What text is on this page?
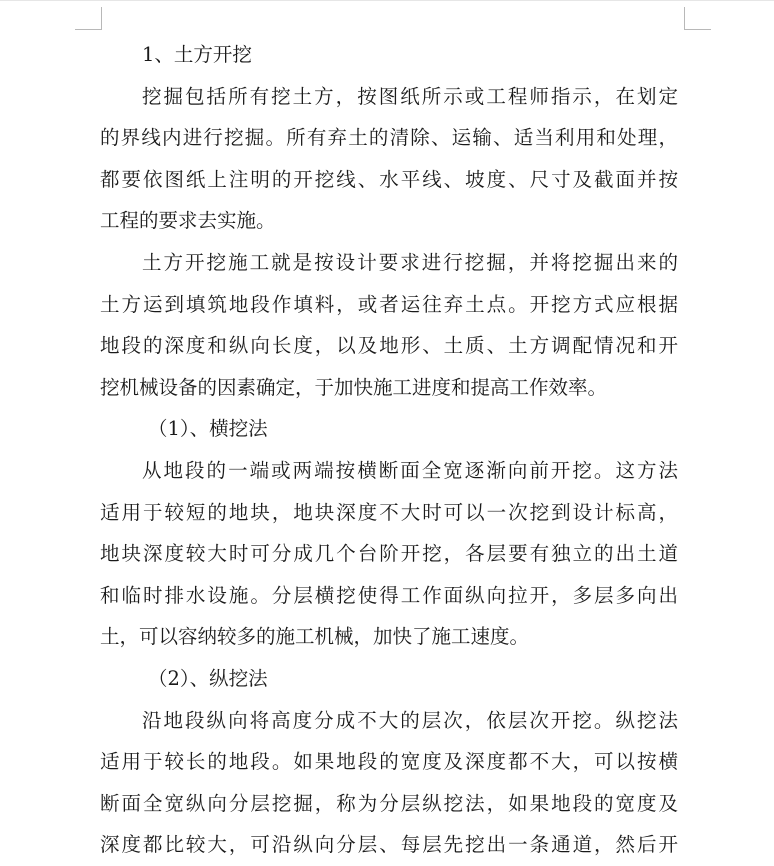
1、土方开挖
挖掘包括所有挖土方，按图纸所示或工程师指示，在划定
的界线内进行挖掘。所有弃土的清除、运输、适当利用和处理，
都要依图纸上注明的开挖线、水平线、坡度、尺寸及截面并按
工程的要求去实施。
土方开挖施工就是按设计要求进行挖掘，并将挖掘出来的
土方运到填筑地段作填料，或者运往弃土点。开挖方式应根据
地段的深度和纵向长度，以及地形、土质、土方调配情况和开
挖机械设备的因素确定，于加快施工进度和提高工作效率。
（1）、横挖法
从地段的一端或两端按横断面全宽逐渐向前开挖。这方法
适用于较短的地块，地块深度不大时可以一次挖到设计标高，
地块深度较大时可分成几个台阶开挖，各层要有独立的出土道
和临时排水设施。分层横挖使得工作面纵向拉开，多层多向出
土，可以容纳较多的施工机械，加快了施工速度。
（2）、纵挖法
沿地段纵向将高度分成不大的层次，依层次开挖。纵挖法
适用于较长的地段。如果地段的宽度及深度都不大，可以按横
断面全宽纵向分层挖掘，称为分层纵挖法，如果地段的宽度及
深度都比较大，可沿纵向分层、每层先挖出一条通道，然后开
